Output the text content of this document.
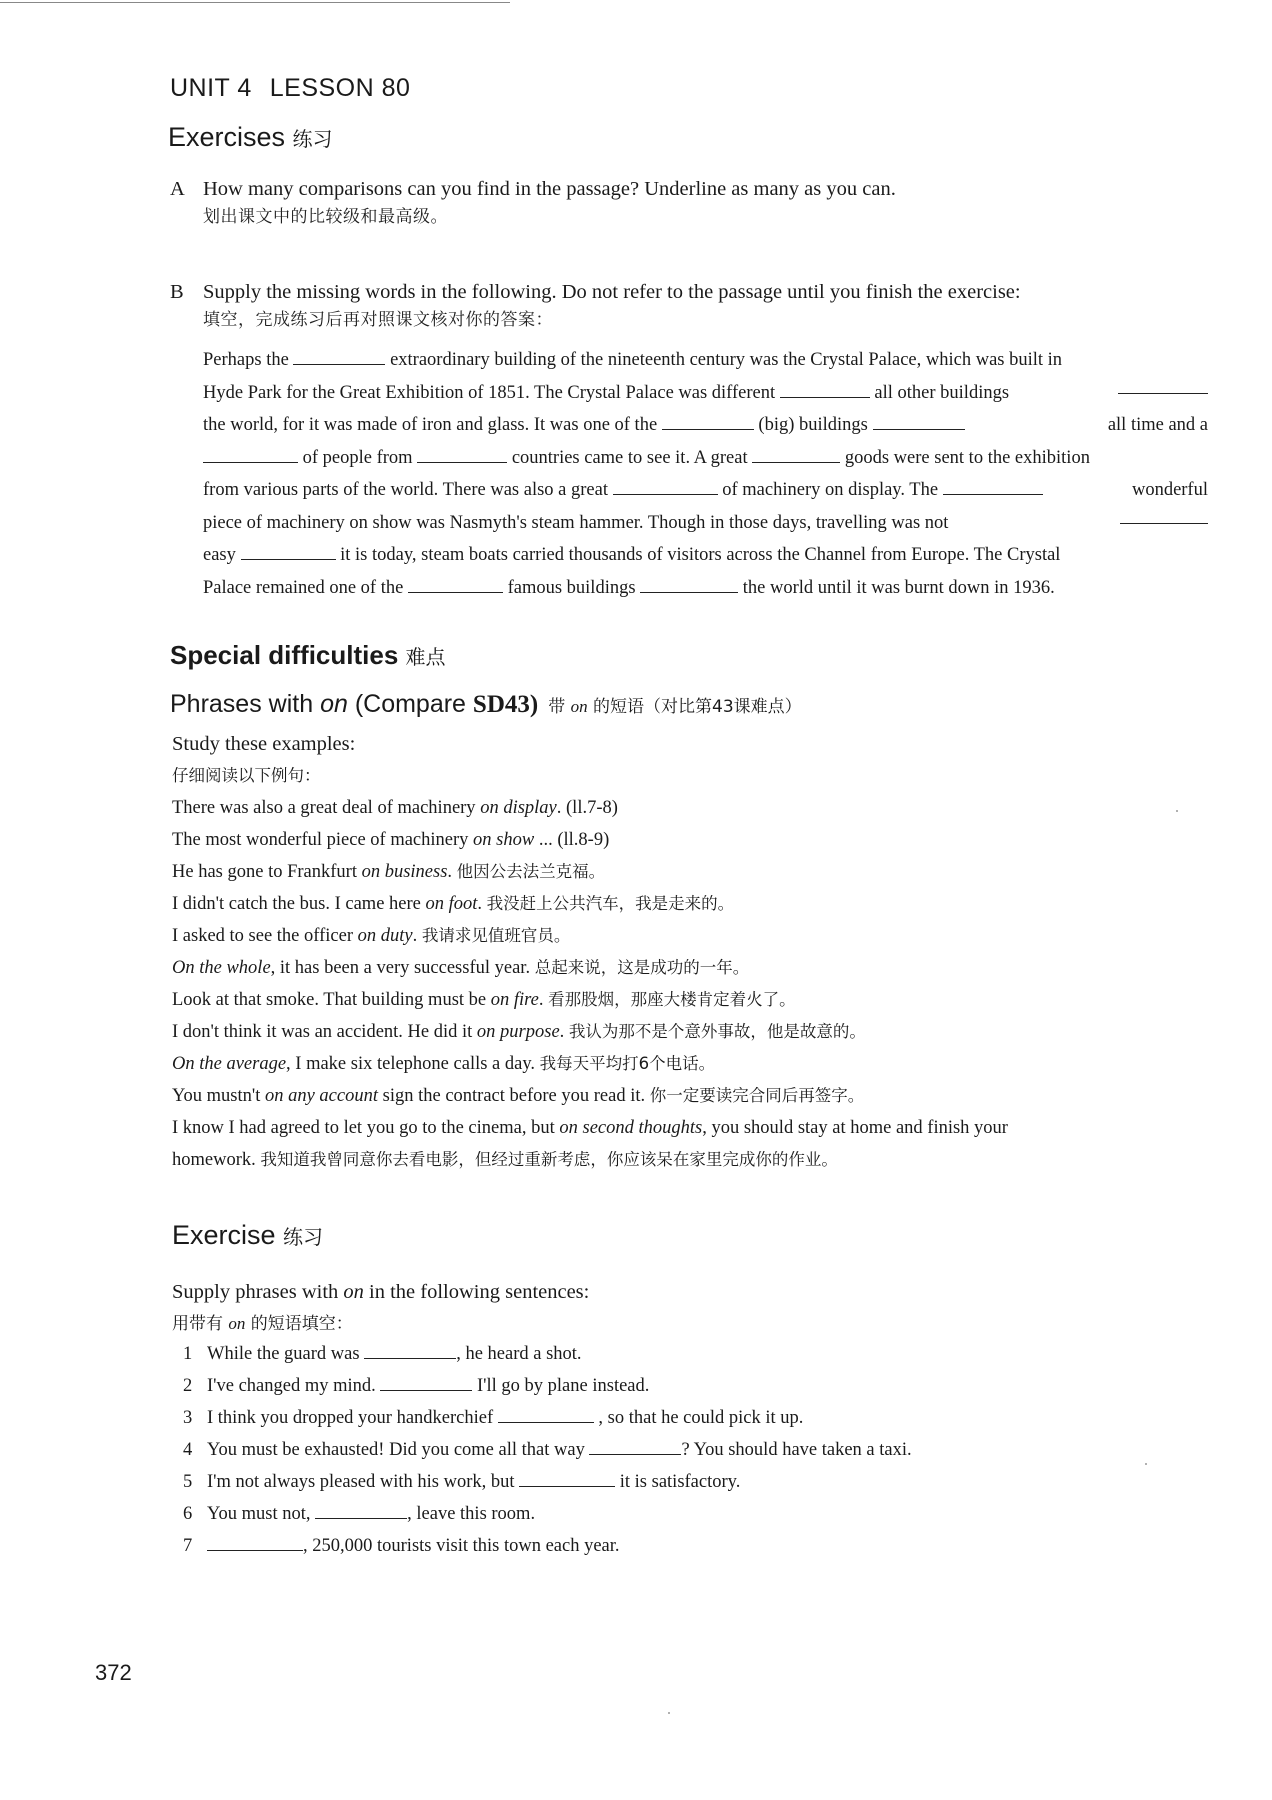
UNIT 4 LESSON 80
Exercises 练习
A How many comparisons can you find in the passage? Underline as many as you can.
划出课文中的比较级和最高级。
B Supply the missing words in the following. Do not refer to the passage until you finish the exercise:
填空，完成练习后再对照课文核对你的答案：
Perhaps the	extraordinary building of the nineteenth century was the Crystal Palace, which was built in
Hyde Park for the Great Exhibition of 1851. The Crystal Palace was different	all other buildings
the world, for it was made of iron and glass. It was one of the	(big) buildings	all time and a
of people from	countries came to see it. A great	goods were sent to the exhibition
from various parts of the world. There was also a great	of machinery on display. The	wonderful
piece of machinery on show was Nasmyth's steam hammer. Though in those days, travelling was not
easy	it is today, steam boats carried thousands of visitors across the Channel from Europe. The Crystal
Palace remained one of the	famous buildings	the world until it was burnt down in 1936.
Special difficulties 难点
Phrases with on (Compare SD43) 带 on 的短语（对比第43课难点）
Study these examples:
仔细阅读以下例句：
There was also a great deal of machinery on display. (ll.7-8)
The most wonderful piece of machinery on show ... (ll.8-9)
He has gone to Frankfurt on business. 他因公去法兰克福。
I didn't catch the bus. I came here on foot. 我没赶上公共汽车，我是走来的。
I asked to see the officer on duty. 我请求见值班官员。
On the whole, it has been a very successful year. 总起来说，这是成功的一年。
Look at that smoke. That building must be on fire. 看那股烟，那座大楼肯定着火了。
I don't think it was an accident. He did it on purpose. 我认为那不是个意外事故，他是故意的。
On the average, I make six telephone calls a day. 我每天平均打6个电话。
You mustn't on any account sign the contract before you read it. 你一定要读完合同后再签字。
I know I had agreed to let you go to the cinema, but on second thoughts, you should stay at home and finish your
homework. 我知道我曾同意你去看电影，但经过重新考虑，你应该呆在家里完成你的作业。
Exercise 练习
Supply phrases with on in the following sentences:
用带有 on 的短语填空：
1 While the guard was	, he heard a shot.
2 I've changed my mind.	I'll go by plane instead.
3 I think you dropped your handkerchief	, so that he could pick it up.
4 You must be exhausted! Did you come all that way	? You should have taken a taxi.
5 I'm not always pleased with his work, but	it is satisfactory.
6 You must not,	, leave this room.
7	, 250,000 tourists visit this town each year.
372
